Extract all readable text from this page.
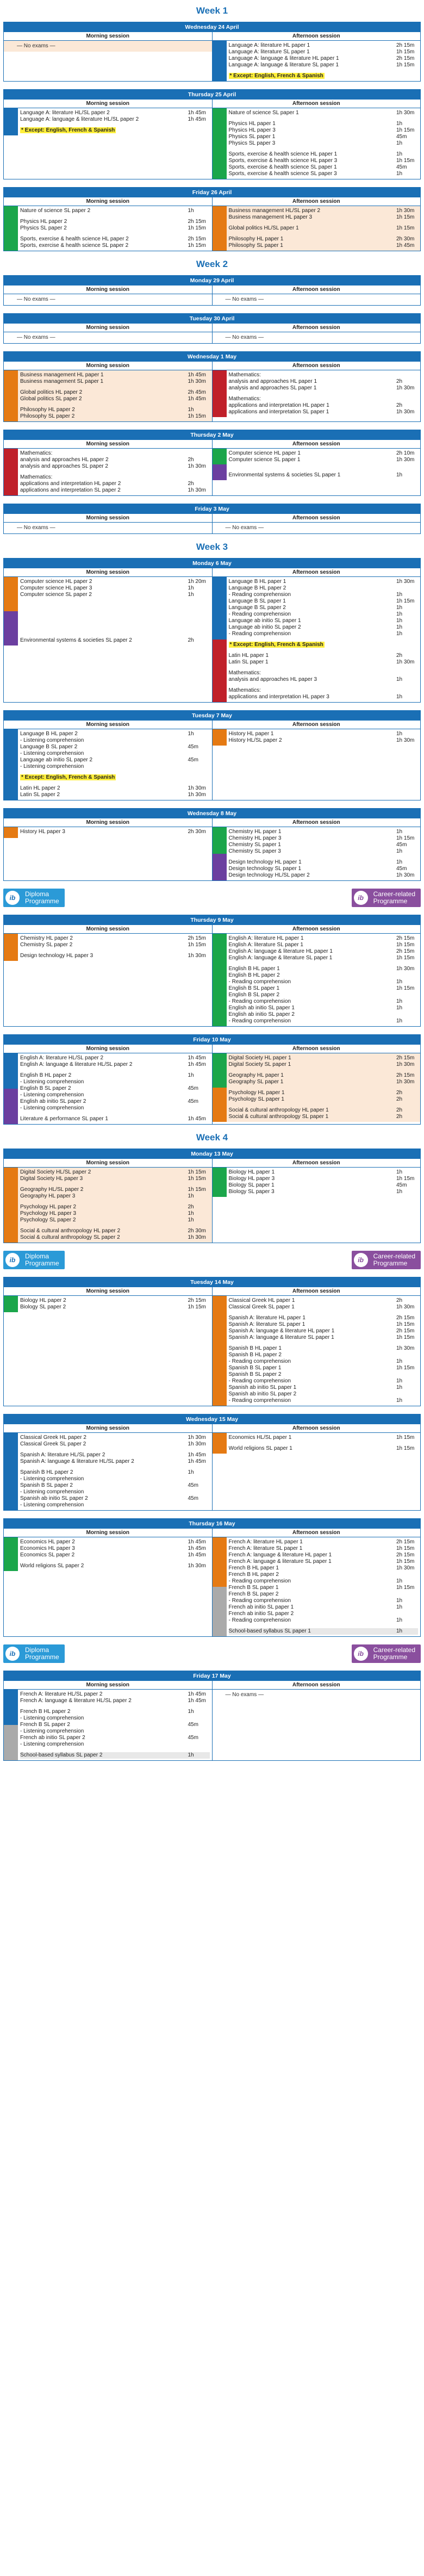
Week 1
Wednesday 24 April
Morning session
— No exams —
Afternoon session
Language A: literature HL paper 1	2h 15m
Language A: literature SL paper 1	1h 15m
Language A: language & literature HL paper 1	2h 15m
Language A: language & literature SL paper 1	1h 15m
* Except: English, French & Spanish
Thursday 25 April
Morning session
Language A: literature HL/SL paper 2	1h 45m
Language A: language & literature HL/SL paper 2	1h 45m
* Except: English, French & Spanish
Afternoon session
Nature of science SL paper 1	1h 30m
Physics HL paper 1	1h
Physics HL paper 3	1h 15m
Physics SL paper 1	45m
Physics SL paper 3	1h
Sports, exercise & health science HL paper 1	1h
Sports, exercise & health science HL paper 3	1h 15m
Sports, exercise & health science SL paper 1	45m
Sports, exercise & health science SL paper 3	1h
Friday 26 April
Morning session
Nature of science SL paper 2	1h
Physics HL paper 2	2h 15m
Physics SL paper 2	1h 15m
Sports, exercise & health science HL paper 2	2h 15m
Sports, exercise & health science SL paper 2	1h 15m
Afternoon session
Business management HL/SL paper 2	1h 30m
Business management HL paper 3	1h 15m
Global politics HL/SL paper 1	1h 15m
Philosophy HL paper 1	2h 30m
Philosophy SL paper 1	1h 45m
Week 2
Monday 29 April
Morning session
— No exams —
Afternoon session
— No exams —
Tuesday 30 April
Morning session
— No exams —
Afternoon session
— No exams —
Wednesday 1 May
Morning session
Business management HL paper 1	1h 45m
Business management SL paper 1	1h 30m
Global politics HL paper 2	2h 45m
Global politics SL paper 2	1h 45m
Philosophy HL paper 2	1h
Philosophy SL paper 2	1h 15m
Afternoon session
Mathematics:
analysis and approaches HL paper 1	2h
analysis and approaches SL paper 1	1h 30m
Mathematics:
applications and interpretation HL paper 1	2h
applications and interpretation SL paper 1	1h 30m
Thursday 2 May
Morning session
Mathematics:
analysis and approaches HL paper 2	2h
analysis and approaches SL paper 2	1h 30m
Mathematics:
applications and interpretation HL paper 2	2h
applications and interpretation SL paper 2	1h 30m
Afternoon session
Computer science HL paper 1	2h 10m
Computer science SL paper 1	1h 30m
Environmental systems & societies SL paper 1	1h
Friday 3 May
Morning session
— No exams —
Afternoon session
— No exams —
Week 3
Monday 6 May
Morning session
Computer science HL paper 2	1h 20m
Computer science HL paper 3	1h
Computer science SL paper 2	1h
Environmental systems & societies SL paper 2	2h
Afternoon session
Language B HL paper 1	1h 30m
Language B HL paper 2
- Reading comprehension	1h
Language B SL paper 1	1h 15m
Language B SL paper 2	1h
- Reading comprehension	1h
Language ab initio SL paper 1	1h
Language ab initio SL paper 2	1h
- Reading comprehension	1h
* Except: English, French & Spanish
Latin HL paper 1	2h
Latin SL paper 1	1h 30m
Mathematics:
analysis and approaches HL paper 3	1h
Mathematics:
applications and interpretation HL paper 3	1h
Tuesday 7 May
Morning session
Language B HL paper 2	1h
- Listening comprehension
Language B SL paper 2	45m
- Listening comprehension
Language ab initio SL paper 2	45m
- Listening comprehension
* Except: English, French & Spanish
Latin HL paper 2	1h 30m
Latin SL paper 2	1h 30m
Afternoon session
History HL paper 1	1h
History HL/SL paper 2	1h 30m
Wednesday 8 May
Morning session
History HL paper 3	2h 30m
Afternoon session
Chemistry HL paper 1	1h
Chemistry HL paper 3	1h 15m
Chemistry SL paper 1	45m
Chemistry SL paper 3	1h
Design technology HL paper 1	1h
Design technology SL paper 1	45m
Design technology HL/SL paper 2	1h 30m
ib	Diploma
Programme	ib	Career-related
Programme
Thursday 9 May
Morning session
Chemistry HL paper 2	2h 15m
Chemistry SL paper 2	1h 15m
Design technology HL paper 3	1h 30m
Afternoon session
English A: literature HL paper 1	2h 15m
English A: literature SL paper 1	1h 15m
English A: language & literature HL paper 1	2h 15m
English A: language & literature SL paper 1	1h 15m
English B HL paper 1	1h 30m
English B HL paper 2
- Reading comprehension	1h
English B SL paper 1	1h 15m
English B SL paper 2
- Reading comprehension	1h
English ab initio SL paper 1	1h
English ab initio SL paper 2
- Reading comprehension	1h
Friday 10 May
Morning session
English A: literature HL/SL paper 2	1h 45m
English A: language & literature HL/SL paper 2	1h 45m
English B HL paper 2	1h
- Listening comprehension
English B SL paper 2	45m
- Listening comprehension
English ab initio SL paper 2	45m
- Listening comprehension
Literature & performance SL paper 1	1h 45m
Afternoon session
Digital Society HL paper 1	2h 15m
Digital Society SL paper 1	1h 30m
Geography HL paper 1	2h 15m
Geography SL paper 1	1h 30m
Psychology HL paper 1	2h
Psychology SL paper 1	2h
Social & cultural anthropology HL paper 1	2h
Social & cultural anthropology SL paper 1	2h
Week 4
Monday 13 May
Morning session
Digital Society HL/SL paper 2	1h 15m
Digital Society HL paper 3	1h 15m
Geography HL/SL paper 2	1h 15m
Geography HL paper 3	1h
Psychology HL paper 2	2h
Psychology HL paper 3	1h
Psychology SL paper 2	1h
Social & cultural anthropology HL paper 2	2h 30m
Social & cultural anthropology SL paper 2	1h 30m
Afternoon session
Biology HL paper 1	1h
Biology HL paper 3	1h 15m
Biology SL paper 1	45m
Biology SL paper 3	1h
ib	Diploma
Programme	ib	Career-related
Programme
Tuesday 14 May
Morning session
Biology HL paper 2	2h 15m
Biology SL paper 2	1h 15m
Afternoon session
Classical Greek HL paper 1	2h
Classical Greek SL paper 1	1h 30m
Spanish A: literature HL paper 1	2h 15m
Spanish A: literature SL paper 1	1h 15m
Spanish A: language & literature HL paper 1	2h 15m
Spanish A: language & literature SL paper 1	1h 15m
Spanish B HL paper 1	1h 30m
Spanish B HL paper 2
- Reading comprehension	1h
Spanish B SL paper 1	1h 15m
Spanish B SL paper 2
- Reading comprehension	1h
Spanish ab initio SL paper 1	1h
Spanish ab initio SL paper 2
- Reading comprehension	1h
Wednesday 15 May
Morning session
Classical Greek HL paper 2	1h 30m
Classical Greek SL paper 2	1h 30m
Spanish A: literature HL/SL paper 2	1h 45m
Spanish A: language & literature HL/SL paper 2	1h 45m
Spanish B HL paper 2	1h
- Listening comprehension
Spanish B SL paper 2	45m
- Listening comprehension
Spanish ab initio SL paper 2	45m
- Listening comprehension
Afternoon session
Economics HL/SL paper 1	1h 15m
World religions SL paper 1	1h 15m
Thursday 16 May
Morning session
Economics HL paper 2	1h 45m
Economics HL paper 3	1h 45m
Economics SL paper 2	1h 45m
World religions SL paper 2	1h 30m
Afternoon session
French A: literature HL paper 1	2h 15m
French A: literature SL paper 1	1h 15m
French A: language & literature HL paper 1	2h 15m
French A: language & literature SL paper 1	1h 15m
French B HL paper 1	1h 30m
French B HL paper 2
- Reading comprehension	1h
French B SL paper 1	1h 15m
French B SL paper 2
- Reading comprehension	1h
French ab initio SL paper 1	1h
French ab initio SL paper 2
- Reading comprehension	1h
School-based syllabus SL paper 1	1h
ib	Diploma
Programme	ib	Career-related
Programme
Friday 17 May
Morning session
French A: literature HL/SL paper 2	1h 45m
French A: language & literature HL/SL paper 2	1h 45m
French B HL paper 2	1h
- Listening comprehension
French B SL paper 2	45m
- Listening comprehension
French ab initio SL paper 2	45m
- Listening comprehension
School-based syllabus SL paper 2	1h
Afternoon session
— No exams —
